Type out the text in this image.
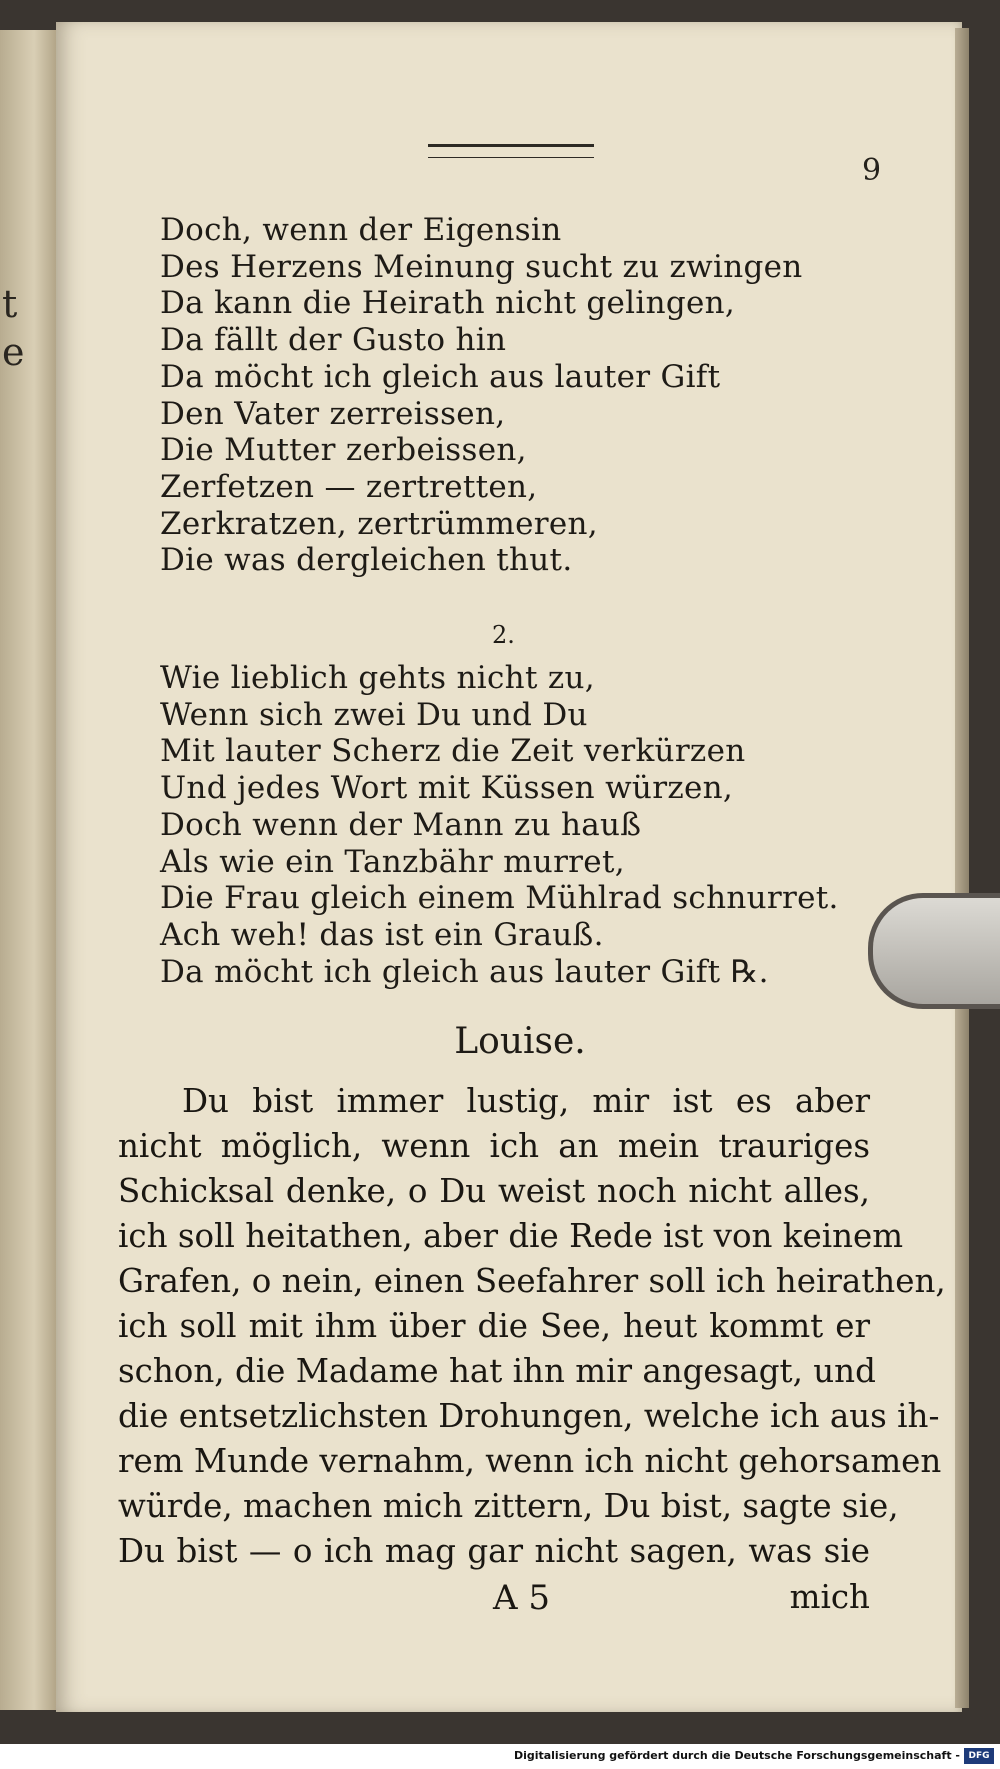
t
e
9
Doch, wenn der Eigensin
Des Herzens Meinung sucht zu zwingen
Da kann die Heirath nicht gelingen,
Da fällt der Gusto hin
Da möcht ich gleich aus lauter Gift
Den Vater zerreissen,
Die Mutter zerbeissen,
Zerfetzen — zertretten,
Zerkratzen, zertrümmeren,
Die was dergleichen thut.
2.
Wie lieblich gehts nicht zu,
Wenn sich zwei Du und Du
Mit lauter Scherz die Zeit verkürzen
Und jedes Wort mit Küssen würzen,
Doch wenn der Mann zu hauß
Als wie ein Tanzbähr murret,
Die Frau gleich einem Mühlrad schnurret.
Ach weh! das ist ein Grauß.
Da möcht ich gleich aus lauter Gift ℞.
Louise.
Du bist immer lustig, mir ist es aber
nicht möglich, wenn ich an mein trauriges
Schicksal denke, o Du weist noch nicht alles,
ich soll heitathen, aber die Rede ist von keinem
Grafen, o nein, einen Seefahrer soll ich heirathen,
ich soll mit ihm über die See, heut kommt er
schon, die Madame hat ihn mir angesagt, und
die entsetzlichsten Drohungen, welche ich aus ih-
rem Munde vernahm, wenn ich nicht gehorsamen
würde, machen mich zittern, Du bist, sagte sie,
Du bist — o ich mag gar nicht sagen, was sie
A 5	mich
Digitalisierung gefördert durch die Deutsche Forschungsgemeinschaft - DFG
